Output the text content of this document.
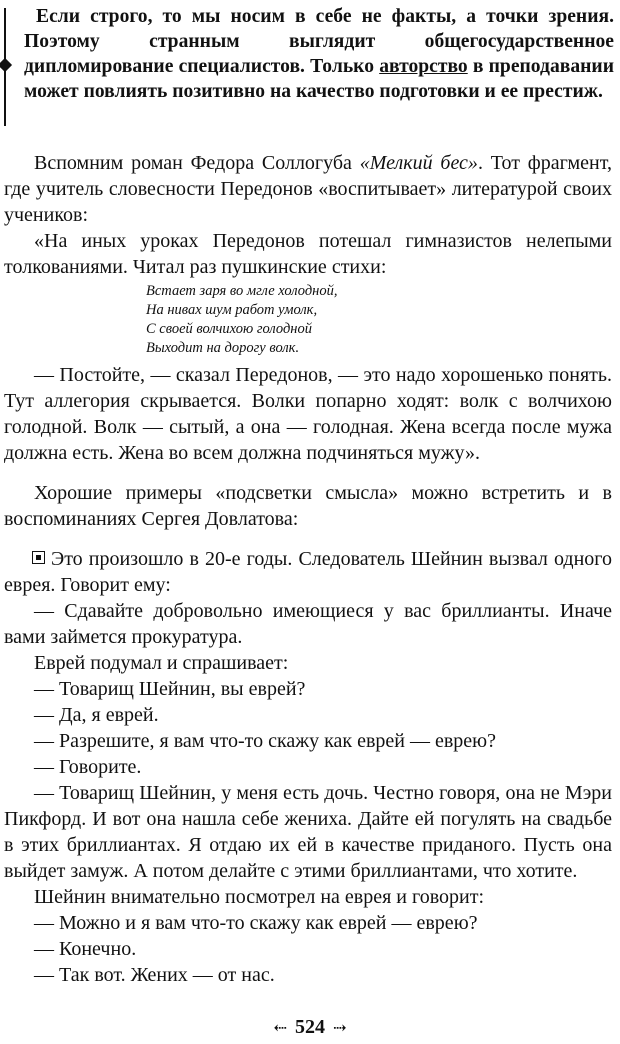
Если строго, то мы носим в себе не факты, а точки зрения. Поэтому странным выглядит общегосударственное дипломирование специалистов. Только авторство в преподавании может повлиять позитивно на качество подготовки и ее престиж.

Вспомним роман Федора Соллогуба «Мелкий бес». Тот фрагмент, где учитель словесности Передонов «воспитывает» литературой своих учеников:

«На иных уроках Передонов потешал гимназистов нелепыми толкованиями. Читал раз пушкинские стихи:

Встает заря во мгле холодной,
На нивах шум работ умолк,
С своей волчихою голодной
Выходит на дорогу волк.

— Постойте, — сказал Передонов, — это надо хорошенько понять. Тут аллегория скрывается. Волки попарно ходят: волк с волчихою голодной. Волк — сытый, а она — голодная. Жена всегда после мужа должна есть. Жена во всем должна подчиняться мужу».

Хорошие примеры «подсветки смысла» можно встретить и в воспоминаниях Сергея Довлатова:

Это произошло в 20-е годы. Следователь Шейнин вызвал одного еврея. Говорит ему:

— Сдавайте добровольно имеющиеся у вас бриллианты. Иначе вами займется прокуратура.

Еврей подумал и спрашивает:

— Товарищ Шейнин, вы еврей?

— Да, я еврей.

— Разрешите, я вам что-то скажу как еврей — еврею?

— Говорите.

— Товарищ Шейнин, у меня есть дочь. Честно говоря, она не Мэри Пикфорд. И вот она нашла себе жениха. Дайте ей погулять на свадьбе в этих бриллиантах. Я отдаю их ей в качестве приданого. Пусть она выйдет замуж. А потом делайте с этими бриллиантами, что хотите.

Шейнин внимательно посмотрел на еврея и говорит:

— Можно и я вам что-то скажу как еврей — еврею?

— Конечно.

— Так вот. Жених — от нас.

⇠ 524 ⇢
